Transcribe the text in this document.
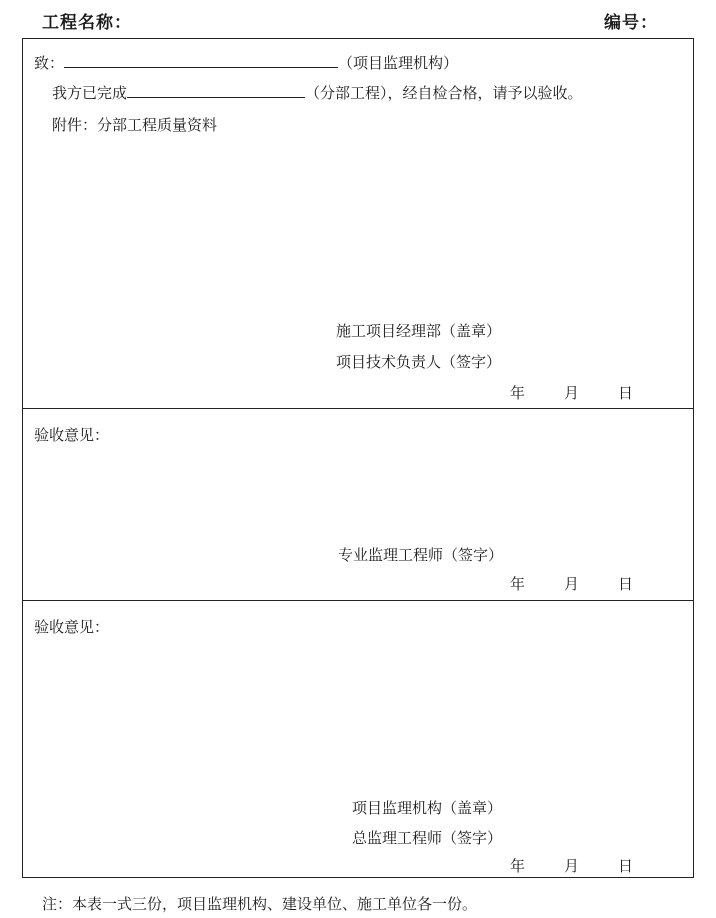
工程名称：	编号：
致：	（项目监理机构）
我方已完成	（分部工程），经自检合格，请予以验收。
附件：分部工程质量资料
施工项目经理部（盖章）
项目技术负责人（签字）
年	月	日
验收意见：
专业监理工程师（签字）
年	月	日
验收意见：
项目监理机构（盖章）
总监理工程师（签字）
年	月	日
注：本表一式三份，项目监理机构、建设单位、施工单位各一份。
